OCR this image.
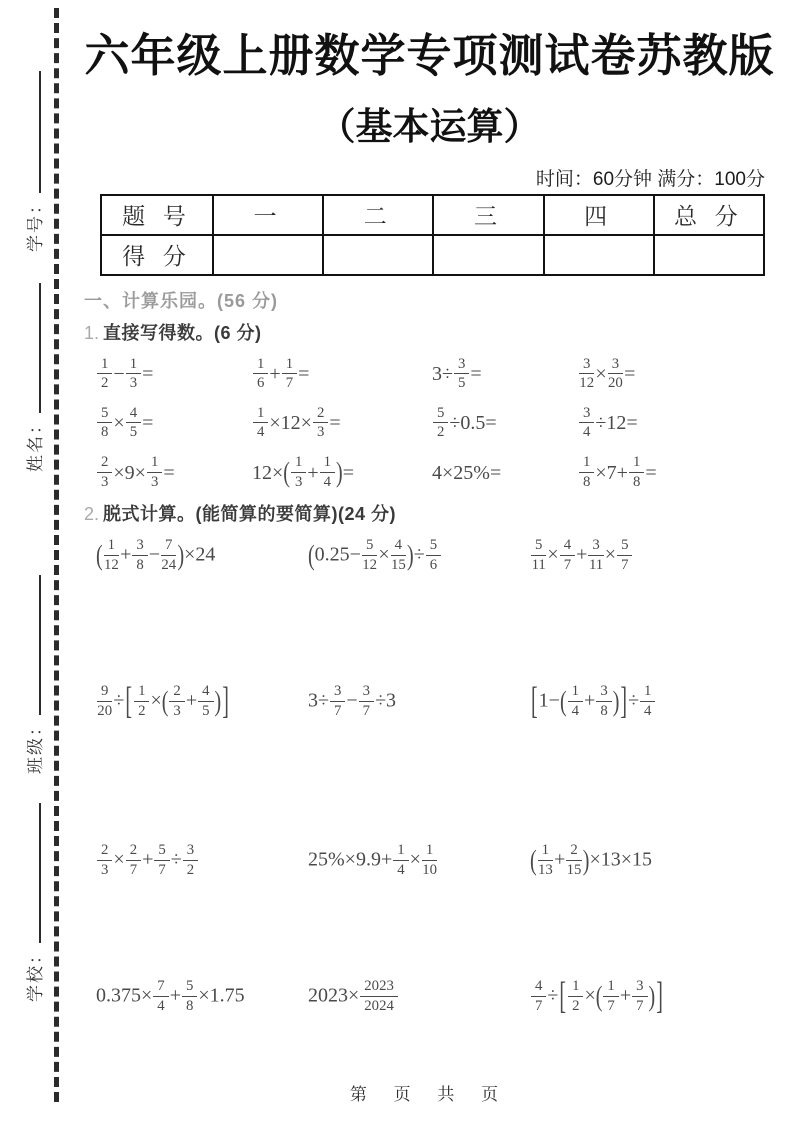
学号：
姓名：
班级：
学校：
六年级上册数学专项测试卷苏教版
（基本运算）
时间：60分钟 满分：100分
题 号	一	二	三	四	总 分
得 分					
一、计算乐园。(56 分)
1. 直接写得数。(6 分)
$\frac{1}{2} - \frac{1}{3}$ =	$\frac{1}{6} + \frac{1}{7}$ =	$3\div \frac{3}{5}$ =	$\frac{3}{12} \times \frac{3}{20}$ =
$\frac{5}{8} \times \frac{4}{5}$ =	$\frac{1}{4} \times 12\times \frac{2}{3}$ =	$\frac{5}{2} \div 0.5=$	$\frac{3}{4} \div 12=$
$\frac{2}{3} \times 9\times \frac{1}{3}$ =	12× ( $\frac{1}{3} + \frac{1}{4}$ ) =	4×25%=	$\frac{1}{8} \times 7+ \frac{1}{8}$ =
2. 脱式计算。(能简算的要简算)(24 分)
( $\frac{1}{12} + \frac{3}{8} - \frac{7}{24} )\times 24$	($0.25- \frac{5}{12} \times \frac{4}{15}$ )÷ $\frac{5}{6}$	$\frac{5}{11} \times \frac{4}{7} + \frac{3}{11} \times \frac{5}{7}$
$\frac{9}{20}$ ÷[ $\frac{1}{2}$ ×( $\frac{2}{3} + \frac{4}{5}$ )]	$3\div \frac{3}{7} - \frac{3}{7} \div 3$	[$1-( \frac{1}{4} + \frac{3}{8}$ )]÷ $\frac{1}{4}$
$\frac{2}{3} \times \frac{2}{7} + \frac{5}{7} \div \frac{3}{2}$	$25\%\times 9.9+ \frac{1}{4} \times \frac{1}{10}$	( $\frac{1}{13} + \frac{2}{15} )\times 13\times 15$
$0.375\times \frac{7}{4} + \frac{5}{8} \times 1.75$	$2023\times \frac{2023}{2024}$	$\frac{4}{7}$ ÷[ $\frac{1}{2}$ ×( $\frac{1}{7} + \frac{3}{7}$ )]
第 页 共 页
